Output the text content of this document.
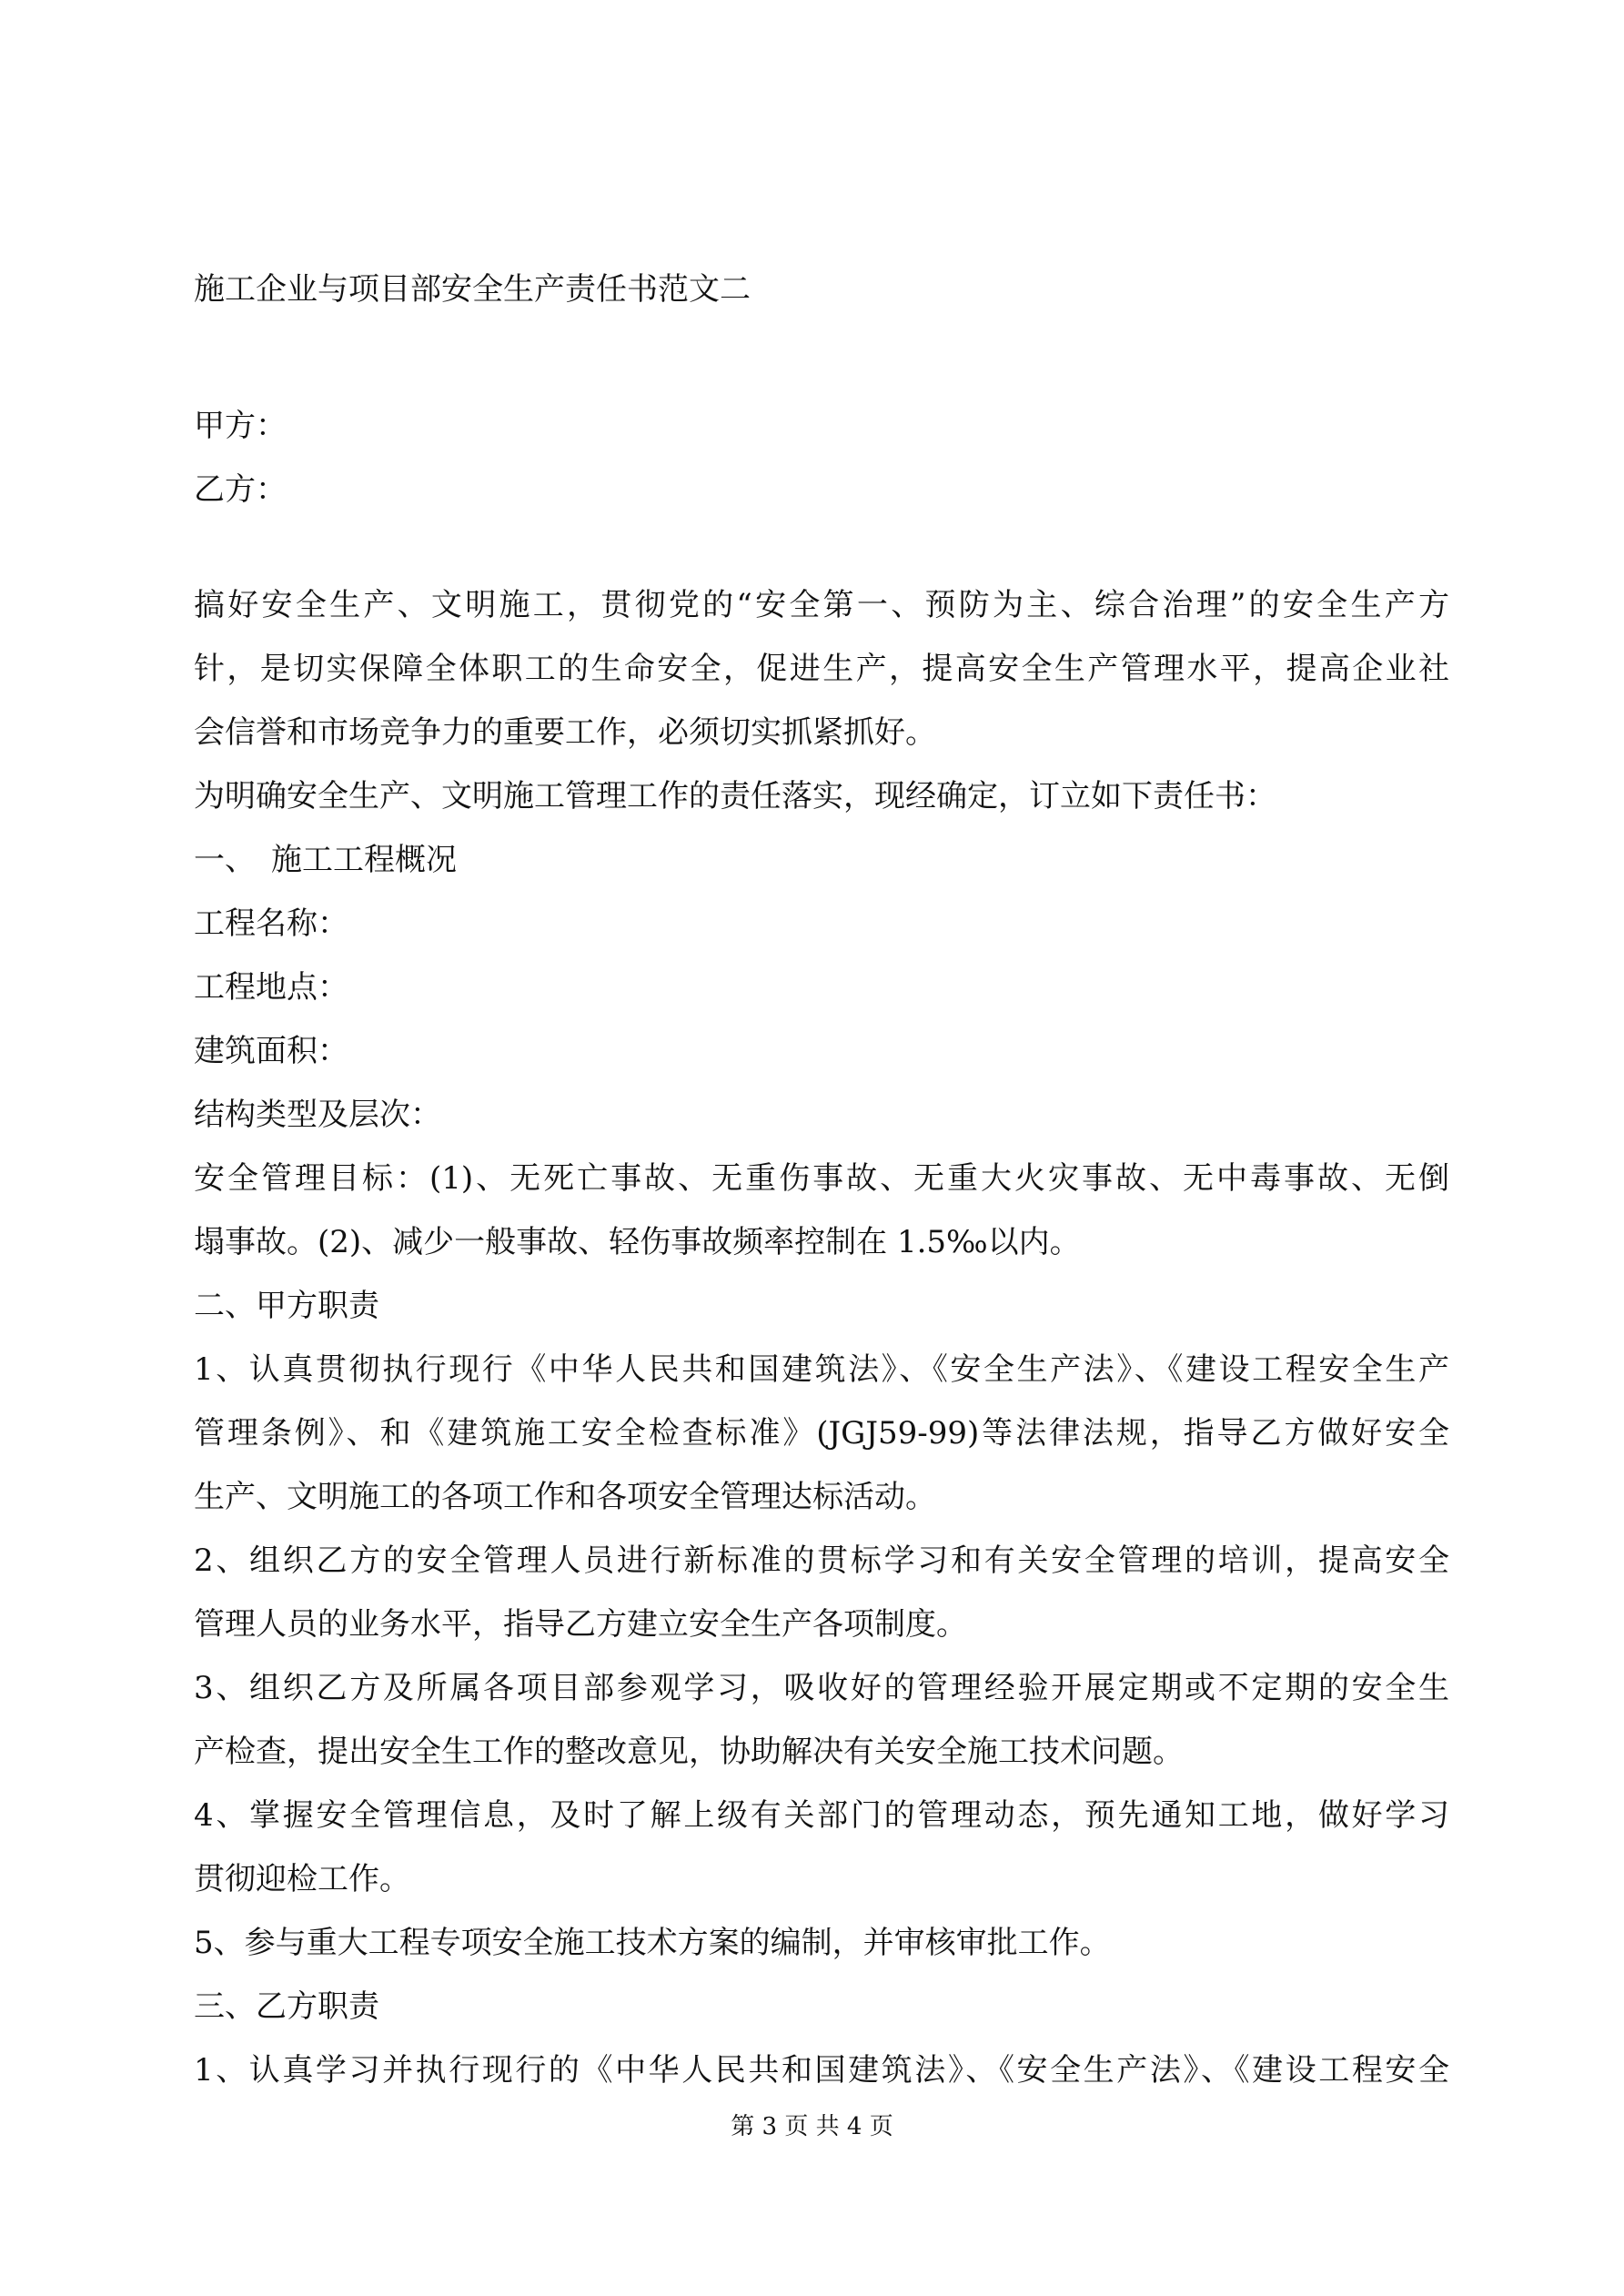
施工企业与项目部安全生产责任书范文二
甲方：
乙方：
搞好安全生产、文明施工，贯彻党的“安全第一、预防为主、综合治理”的安全生产方
针，是切实保障全体职工的生命安全，促进生产，提高安全生产管理水平，提高企业社
会信誉和市场竞争力的重要工作，必须切实抓紧抓好。
为明确安全生产、文明施工管理工作的责任落实，现经确定，订立如下责任书：
一、　施工工程概况
工程名称：
工程地点：
建筑面积：
结构类型及层次：
安全管理目标：(1)、无死亡事故、无重伤事故、无重大火灾事故、无中毒事故、无倒
塌事故。(2)、减少一般事故、轻伤事故频率控制在 1.5‰以内。
二、甲方职责
1、认真贯彻执行现行《中华人民共和国建筑法》、《安全生产法》、《建设工程安全生产
管理条例》、和《建筑施工安全检查标准》(JGJ59-99)等法律法规，指导乙方做好安全
生产、文明施工的各项工作和各项安全管理达标活动。
2、组织乙方的安全管理人员进行新标准的贯标学习和有关安全管理的培训，提高安全
管理人员的业务水平，指导乙方建立安全生产各项制度。
3、组织乙方及所属各项目部参观学习，吸收好的管理经验开展定期或不定期的安全生
产检查，提出安全生工作的整改意见，协助解决有关安全施工技术问题。
4、掌握安全管理信息，及时了解上级有关部门的管理动态，预先通知工地，做好学习
贯彻迎检工作。
5、参与重大工程专项安全施工技术方案的编制，并审核审批工作。
三、乙方职责
1、认真学习并执行现行的《中华人民共和国建筑法》、《安全生产法》、《建设工程安全
第 3 页 共 4 页
